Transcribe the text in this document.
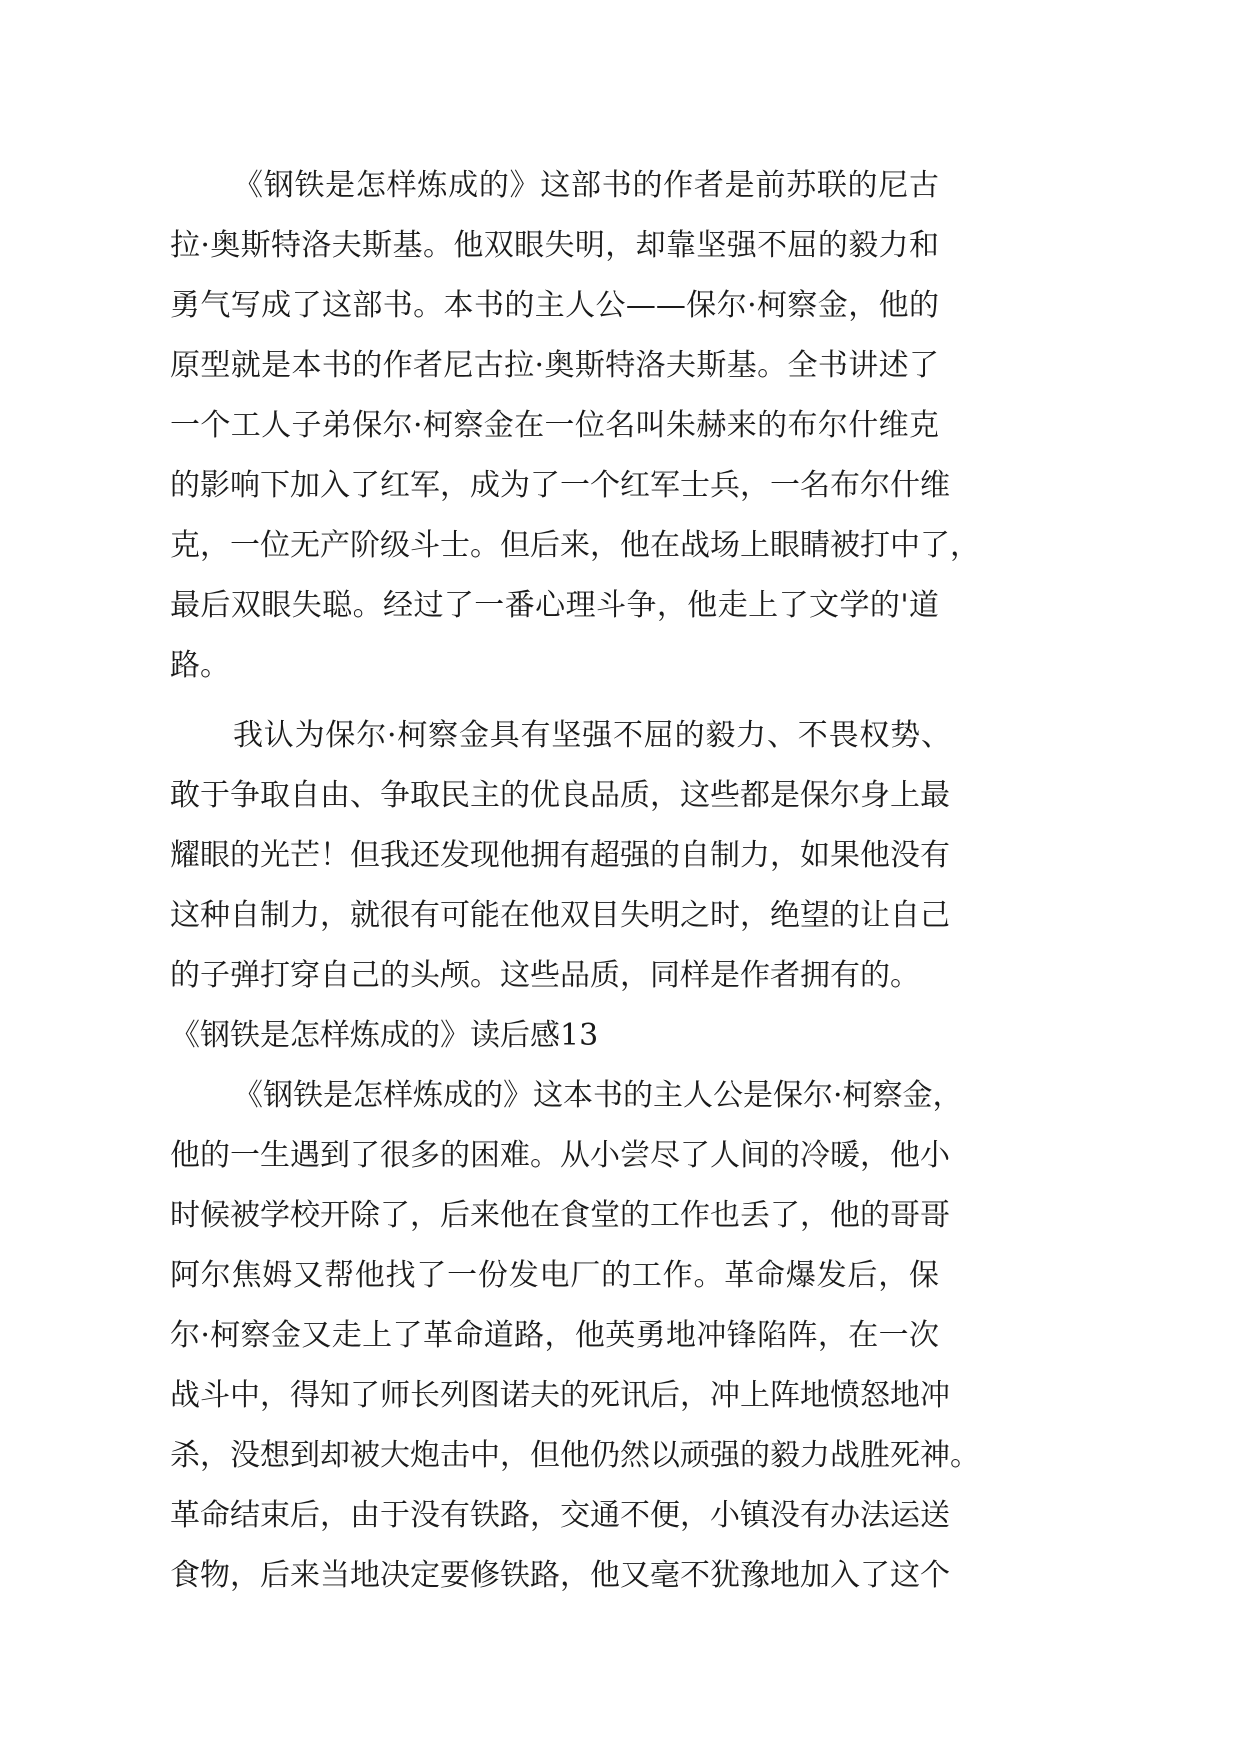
《钢铁是怎样炼成的》这部书的作者是前苏联的尼古
拉·奥斯特洛夫斯基。他双眼失明，却靠坚强不屈的毅力和
勇气写成了这部书。本书的主人公——保尔·柯察金，他的
原型就是本书的作者尼古拉·奥斯特洛夫斯基。全书讲述了
一个工人子弟保尔·柯察金在一位名叫朱赫来的布尔什维克
的影响下加入了红军，成为了一个红军士兵，一名布尔什维
克，一位无产阶级斗士。但后来，他在战场上眼睛被打中了，
最后双眼失聪。经过了一番心理斗争，他走上了文学的'道
路。
我认为保尔·柯察金具有坚强不屈的毅力、不畏权势、
敢于争取自由、争取民主的优良品质，这些都是保尔身上最
耀眼的光芒！但我还发现他拥有超强的自制力，如果他没有
这种自制力，就很有可能在他双目失明之时，绝望的让自己
的子弹打穿自己的头颅。这些品质，同样是作者拥有的。
《钢铁是怎样炼成的》读后感13
《钢铁是怎样炼成的》这本书的主人公是保尔·柯察金，
他的一生遇到了很多的困难。从小尝尽了人间的冷暖，他小
时候被学校开除了，后来他在食堂的工作也丢了，他的哥哥
阿尔焦姆又帮他找了一份发电厂的工作。革命爆发后，保
尔·柯察金又走上了革命道路，他英勇地冲锋陷阵，在一次
战斗中，得知了师长列图诺夫的死讯后，冲上阵地愤怒地冲
杀，没想到却被大炮击中，但他仍然以顽强的毅力战胜死神。
革命结束后，由于没有铁路，交通不便，小镇没有办法运送
食物，后来当地决定要修铁路，他又毫不犹豫地加入了这个
